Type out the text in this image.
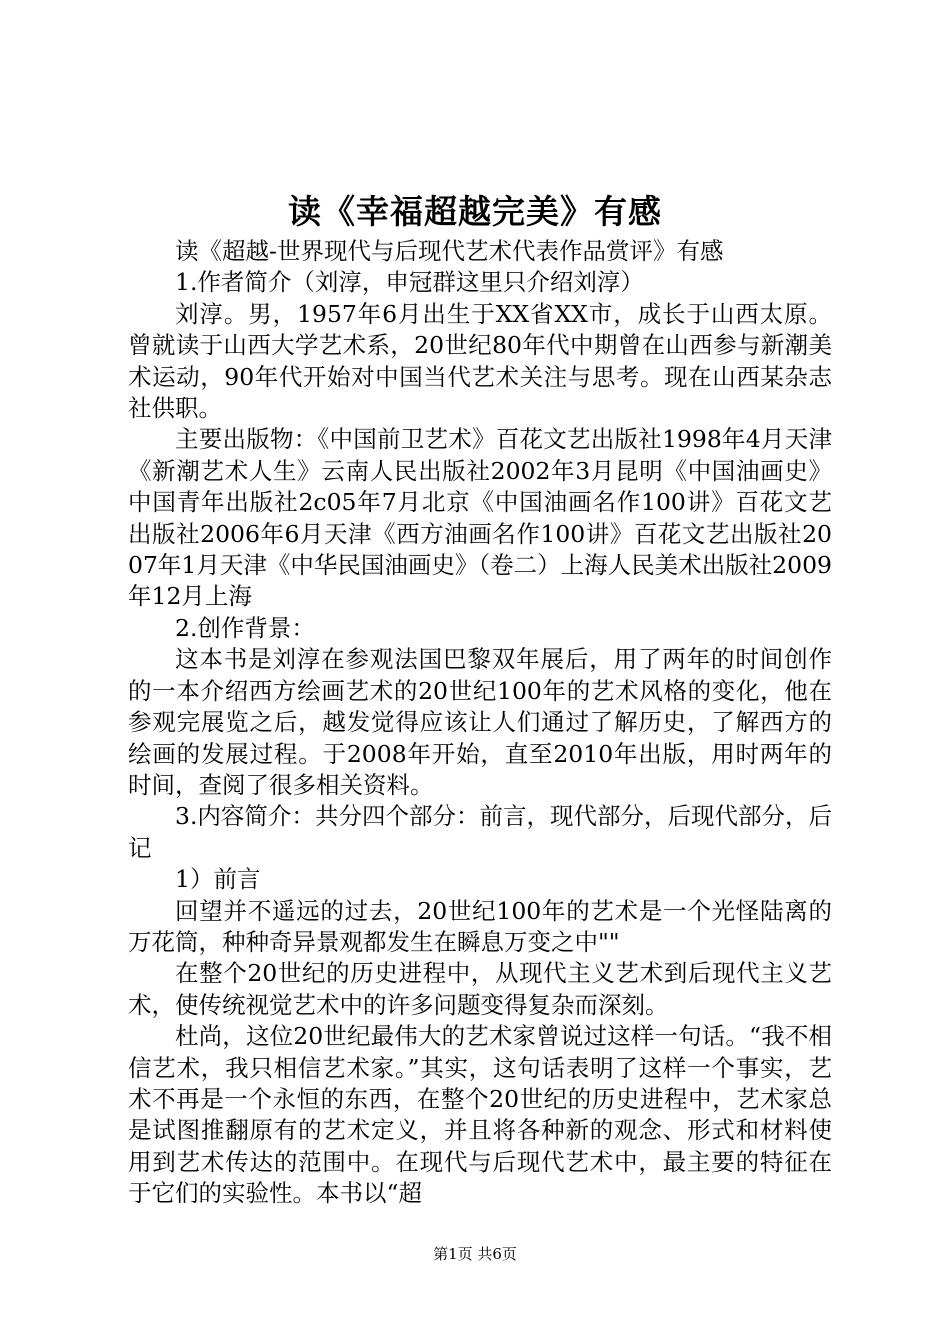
读《幸福超越完美》有感

读《超越-世界现代与后现代艺术代表作品赏评》有感

1.作者简介（刘淳，申冠群这里只介绍刘淳）

刘淳。男，1957年6月出生于XX省XX市，成长于山西太原。曾就读于山西大学艺术系，20世纪80年代中期曾在山西参与新潮美术运动，90年代开始对中国当代艺术关注与思考。现在山西某杂志社供职。

主要出版物：《中国前卫艺术》百花文艺出版社1998年4月天津《新潮艺术人生》云南人民出版社2002年3月昆明《中国油画史》中国青年出版社2c05年7月北京《中国油画名作100讲》百花文艺出版社2006年6月天津《西方油画名作100讲》百花文艺出版社2007年1月天津《中华民国油画史》（卷二）上海人民美术出版社2009年12月上海

2.创作背景：

这本书是刘淳在参观法国巴黎双年展后，用了两年的时间创作的一本介绍西方绘画艺术的20世纪100年的艺术风格的变化，他在参观完展览之后，越发觉得应该让人们通过了解历史，了解西方的绘画的发展过程。于2008年开始，直至2010年出版，用时两年的时间，查阅了很多相关资料。

3.内容简介：共分四个部分：前言，现代部分，后现代部分，后记

1）前言

回望并不遥远的过去，20世纪100年的艺术是一个光怪陆离的万花筒，种种奇异景观都发生在瞬息万变之中""

在整个20世纪的历史进程中，从现代主义艺术到后现代主义艺术，使传统视觉艺术中的许多问题变得复杂而深刻。

杜尚，这位20世纪最伟大的艺术家曾说过这样一句话。“我不相信艺术，我只相信艺术家。”其实，这句话表明了这样一个事实，艺术不再是一个永恒的东西，在整个20世纪的历史进程中，艺术家总是试图推翻原有的艺术定义，并且将各种新的观念、形式和材料使用到艺术传达的范围中。在现代与后现代艺术中，最主要的特征在于它们的实验性。本书以“超

第1页 共6页
